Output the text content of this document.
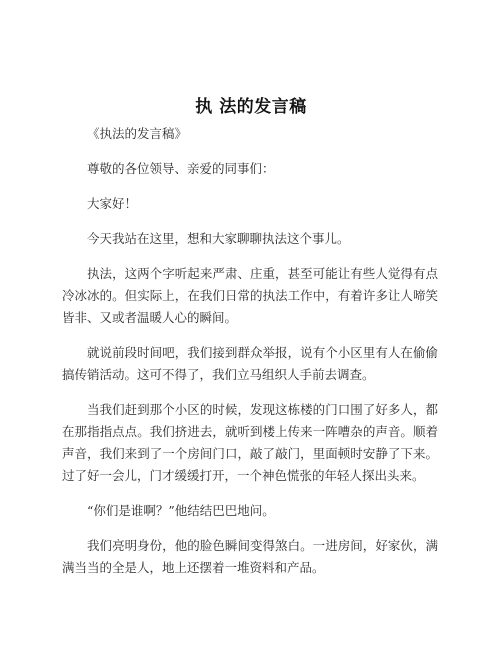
执 法的发言稿

《执法的发言稿》

尊敬的各位领导、亲爱的同事们：

大家好！

今天我站在这里，想和大家聊聊执法这个事儿。

执法，这两个字听起来严肃、庄重，甚至可能让有些人觉得有点冷冰冰的。但实际上，在我们日常的执法工作中，有着许多让人啼笑皆非、又或者温暖人心的瞬间。

就说前段时间吧，我们接到群众举报，说有个小区里有人在偷偷搞传销活动。这可不得了，我们立马组织人手前去调查。

当我们赶到那个小区的时候，发现这栋楼的门口围了好多人，都在那指指点点。我们挤进去，就听到楼上传来一阵嘈杂的声音。顺着声音，我们来到了一个房间门口，敲了敲门，里面顿时安静了下来。过了好一会儿，门才缓缓打开，一个神色慌张的年轻人探出头来。

“你们是谁啊？”他结结巴巴地问。

我们亮明身份，他的脸色瞬间变得煞白。一进房间，好家伙，满满当当的全是人，地上还摆着一堆资料和产品。
